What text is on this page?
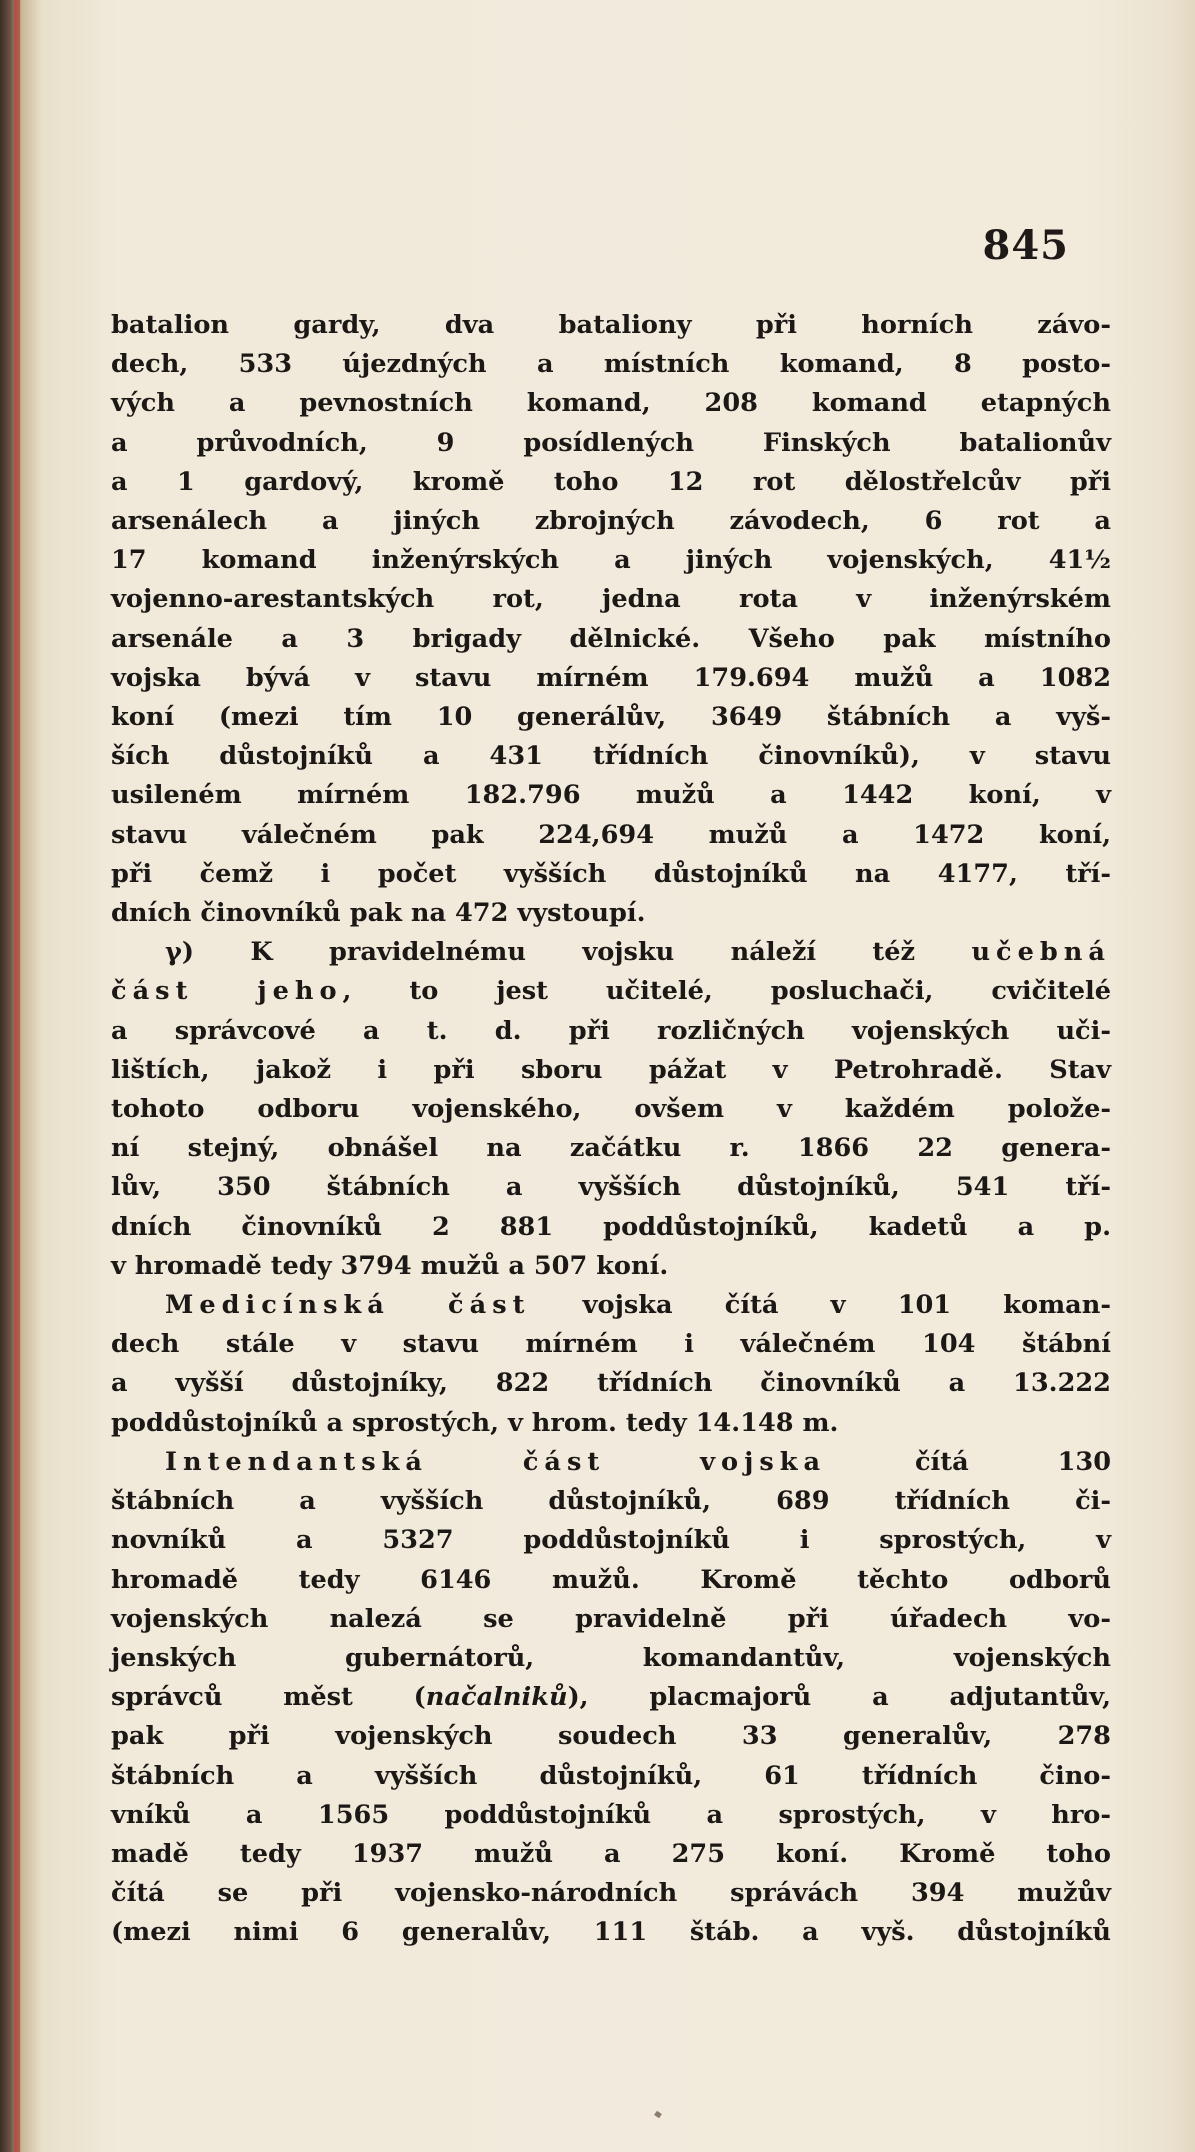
845
batalion gardy, dva bataliony při horních závo-
dech, 533 újezdných a místních komand, 8 posto-
vých a pevnostních komand, 208 komand etapných
a průvodních, 9 posídlených Finských batalionův
a 1 gardový, kromě toho 12 rot dělostřelcův při
arsenálech a jiných zbrojných závodech, 6 rot a
17 komand inženýrských a jiných vojenských, 41½
vojenno-arestantských rot, jedna rota v inženýrském
arsenále a 3 brigady dělnické. Všeho pak místního
vojska bývá v stavu mírném 179.694 mužů a 1082
koní (mezi tím 10 generálův, 3649 štábních a vyš-
ších důstojníků a 431 třídních činovníků), v stavu
usileném mírném 182.796 mužů a 1442 koní, v
stavu válečném pak 224,694 mužů a 1472 koní,
při čemž i počet vyšších důstojníků na 4177, tří-
dních činovníků pak na 472 vystoupí.
γ) K pravidelnému vojsku náleží též učebná
část jeho, to jest učitelé, posluchači, cvičitelé
a správcové a t. d. při rozličných vojenských uči-
lištích, jakož i při sboru pážat v Petrohradě. Stav
tohoto odboru vojenského, ovšem v každém polože-
ní stejný, obnášel na začátku r. 1866 22 genera-
lův, 350 štábních a vyšších důstojníků, 541 tří-
dních činovníků 2 881 poddůstojníků, kadetů a p.
v hromadě tedy 3794 mužů a 507 koní.
Medicínská část vojska čítá v 101 koman-
dech stále v stavu mírném i válečném 104 štábní
a vyšší důstojníky, 822 třídních činovníků a 13.222
poddůstojníků a sprostých, v hrom. tedy 14.148 m.
Intendantská část vojska čítá 130
štábních a vyšších důstojníků, 689 třídních či-
novníků a 5327 poddůstojníků i sprostých, v
hromadě tedy 6146 mužů. Kromě těchto odborů
vojenských nalezá se pravidelně při úřadech vo-
jenských gubernátorů, komandantův, vojenských
správců měst (načalniků), placmajorů a adjutantův,
pak při vojenských soudech 33 generalův, 278
štábních a vyšších důstojníků, 61 třídních čino-
vníků a 1565 poddůstojníků a sprostých, v hro-
madě tedy 1937 mužů a 275 koní. Kromě toho
čítá se při vojensko-národních správách 394 mužův
(mezi nimi 6 generalův, 111 štáb. a vyš. důstojníků
